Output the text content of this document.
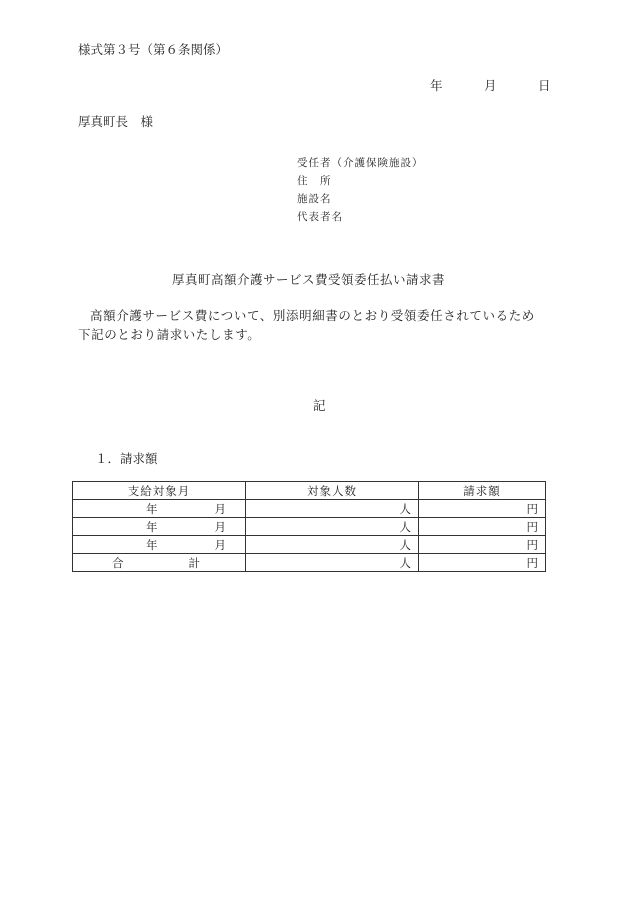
様式第３号（第６条関係）
年	月	日
厚真町長　様
受任者（介護保険施設）
住　所
施設名
代表者名
厚真町高額介護サービス費受領委任払い請求書
高額介護サービス費について、別添明細書のとおり受領委任されているため
下記のとおり請求いたします。
記
１．請求額
支給対象月	対象人数	請求額

年 月	人	円

年 月	人	円

年 月	人	円

合 計	人	円
